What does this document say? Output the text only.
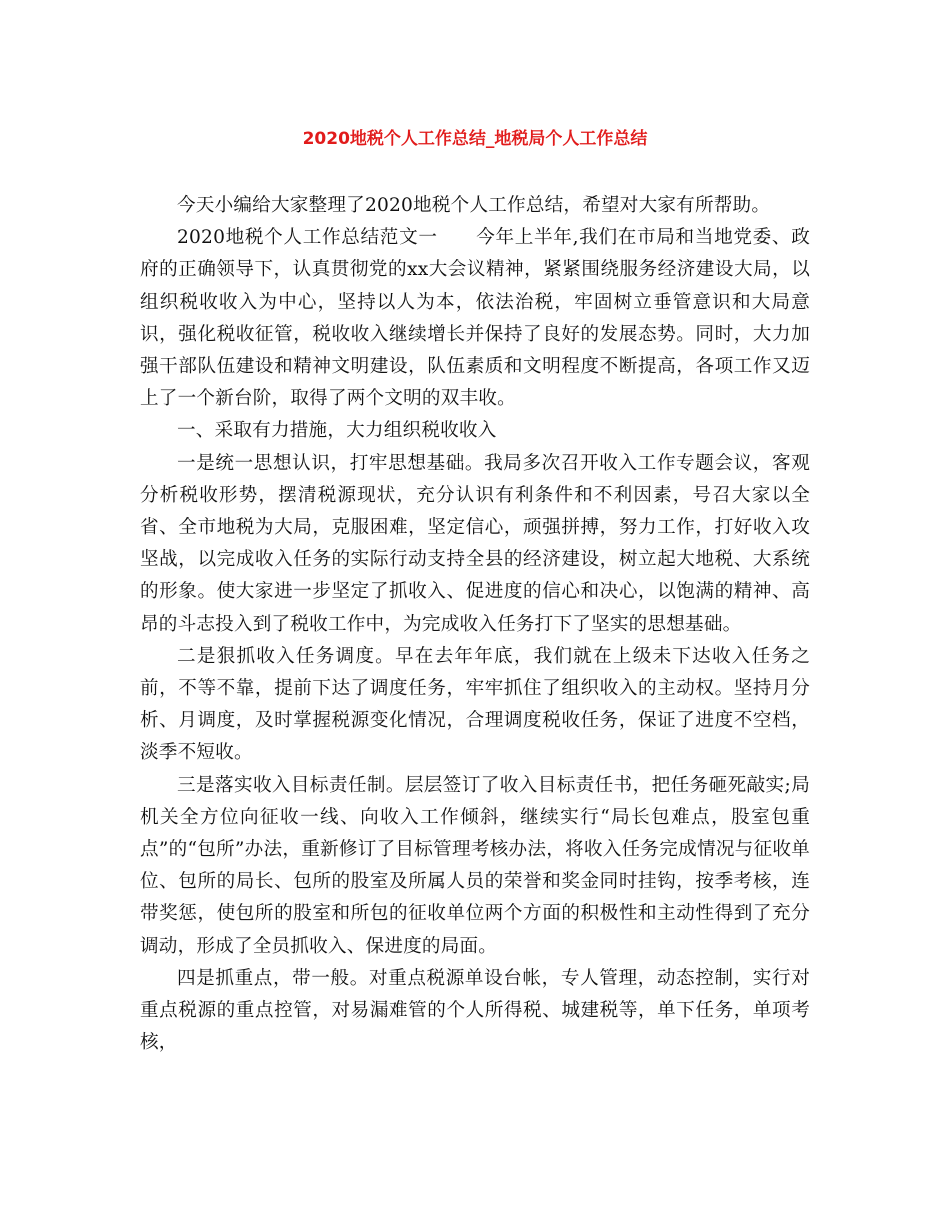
2020地税个人工作总结_地税局个人工作总结

今天小编给大家整理了2020地税个人工作总结，希望对大家有所帮助。

2020地税个人工作总结范文一　　今年上半年,我们在市局和当地党委、政府的正确领导下，认真贯彻党的xx大会议精神，紧紧围绕服务经济建设大局，以组织税收收入为中心，坚持以人为本，依法治税，牢固树立垂管意识和大局意识，强化税收征管，税收收入继续增长并保持了良好的发展态势。同时，大力加强干部队伍建设和精神文明建设，队伍素质和文明程度不断提高，各项工作又迈上了一个新台阶，取得了两个文明的双丰收。

一、采取有力措施，大力组织税收收入

一是统一思想认识，打牢思想基础。我局多次召开收入工作专题会议，客观分析税收形势，摆清税源现状，充分认识有利条件和不利因素，号召大家以全省、全市地税为大局，克服困难，坚定信心，顽强拼搏，努力工作，打好收入攻坚战，以完成收入任务的实际行动支持全县的经济建设，树立起大地税、大系统的形象。使大家进一步坚定了抓收入、促进度的信心和决心，以饱满的精神、高昂的斗志投入到了税收工作中，为完成收入任务打下了坚实的思想基础。

二是狠抓收入任务调度。早在去年年底，我们就在上级未下达收入任务之前，不等不靠，提前下达了调度任务，牢牢抓住了组织收入的主动权。坚持月分析、月调度，及时掌握税源变化情况，合理调度税收任务，保证了进度不空档，淡季不短收。

三是落实收入目标责任制。层层签订了收入目标责任书，把任务砸死敲实;局机关全方位向征收一线、向收入工作倾斜，继续实行“局长包难点，股室包重点”的“包所”办法，重新修订了目标管理考核办法，将收入任务完成情况与征收单位、包所的局长、包所的股室及所属人员的荣誉和奖金同时挂钩，按季考核，连带奖惩，使包所的股室和所包的征收单位两个方面的积极性和主动性得到了充分调动，形成了全员抓收入、保进度的局面。

四是抓重点，带一般。对重点税源单设台帐，专人管理，动态控制，实行对重点税源的重点控管，对易漏难管的个人所得税、城建税等，单下任务，单项考核，
